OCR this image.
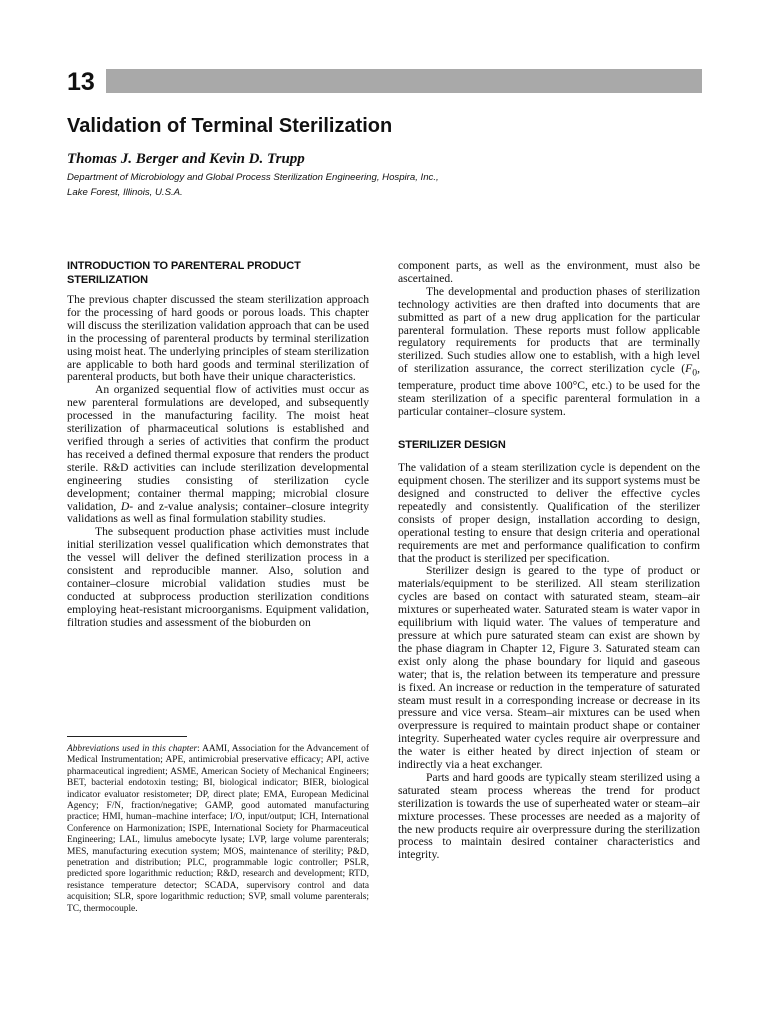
13
Validation of Terminal Sterilization
Thomas J. Berger and Kevin D. Trupp
Department of Microbiology and Global Process Sterilization Engineering, Hospira, Inc.,
Lake Forest, Illinois, U.S.A.
INTRODUCTION TO PARENTERAL PRODUCT STERILIZATION

The previous chapter discussed the steam sterilization approach for the processing of hard goods or porous loads. This chapter will discuss the sterilization validation approach that can be used in the processing of parenteral products by terminal sterilization using moist heat. The underlying principles of steam sterilization are applicable to both hard goods and terminal sterilization of parenteral products, but both have their unique characteristics.

An organized sequential flow of activities must occur as new parenteral formulations are developed, and subsequently processed in the manufacturing facility. The moist heat sterilization of pharmaceutical solutions is established and verified through a series of activities that confirm the product has received a defined thermal exposure that renders the product sterile. R&D activities can include sterilization developmental engineering studies consisting of sterilization cycle development; container thermal mapping; microbial closure validation, D- and z-value analysis; container–closure integrity validations as well as final formulation stability studies.

The subsequent production phase activities must include initial sterilization vessel qualification which demonstrates that the vessel will deliver the defined sterilization process in a consistent and reproducible manner. Also, solution and container–closure microbial validation studies must be conducted at subprocess production sterilization conditions employing heat-resistant microorganisms. Equipment validation, filtration studies and assessment of the bioburden on

Abbreviations used in this chapter: AAMI, Association for the Advancement of Medical Instrumentation; APE, antimicrobial preservative efficacy; API, active pharmaceutical ingredient; ASME, American Society of Mechanical Engineers; BET, bacterial endotoxin testing; BI, biological indicator; BIER, biological indicator evaluator resistometer; DP, direct plate; EMA, European Medicinal Agency; F/N, fraction/negative; GAMP, good automated manufacturing practice; HMI, human–machine interface; I/O, input/output; ICH, International Conference on Harmonization; ISPE, International Society for Pharmaceutical Engineering; LAL, limulus amebocyte lysate; LVP, large volume parenterals; MES, manufacturing execution system; MOS, maintenance of sterility; P&D, penetration and distribution; PLC, programmable logic controller; PSLR, predicted spore logarithmic reduction; R&D, research and development; RTD, resistance temperature detector; SCADA, supervisory control and data acquisition; SLR, spore logarithmic reduction; SVP, small volume parenterals; TC, thermocouple.

component parts, as well as the environment, must also be ascertained.

The developmental and production phases of sterilization technology activities are then drafted into documents that are submitted as part of a new drug application for the particular parenteral formulation. These reports must follow applicable regulatory requirements for products that are terminally sterilized. Such studies allow one to establish, with a high level of sterilization assurance, the correct sterilization cycle ($F_0$, temperature, product time above 100°C, etc.) to be used for the steam sterilization of a specific parenteral formulation in a particular container–closure system.

STERILIZER DESIGN

The validation of a steam sterilization cycle is dependent on the equipment chosen. The sterilizer and its support systems must be designed and constructed to deliver the effective cycles repeatedly and consistently. Qualification of the sterilizer consists of proper design, installation according to design, operational testing to ensure that design criteria and operational requirements are met and performance qualification to confirm that the product is sterilized per specification.

Sterilizer design is geared to the type of product or materials/equipment to be sterilized. All steam sterilization cycles are based on contact with saturated steam, steam–air mixtures or superheated water. Saturated steam is water vapor in equilibrium with liquid water. The values of temperature and pressure at which pure saturated steam can exist are shown by the phase diagram in Chapter 12, Figure 3. Saturated steam can exist only along the phase boundary for liquid and gaseous water; that is, the relation between its temperature and pressure is fixed. An increase or reduction in the temperature of saturated steam must result in a corresponding increase or decrease in its pressure and vice versa. Steam–air mixtures can be used when overpressure is required to maintain product shape or container integrity. Superheated water cycles require air overpressure and the water is either heated by direct injection of steam or indirectly via a heat exchanger.

Parts and hard goods are typically steam sterilized using a saturated steam process whereas the trend for product sterilization is towards the use of superheated water or steam–air mixture processes. These processes are needed as a majority of the new products require air overpressure during the sterilization process to maintain desired container characteristics and integrity.
